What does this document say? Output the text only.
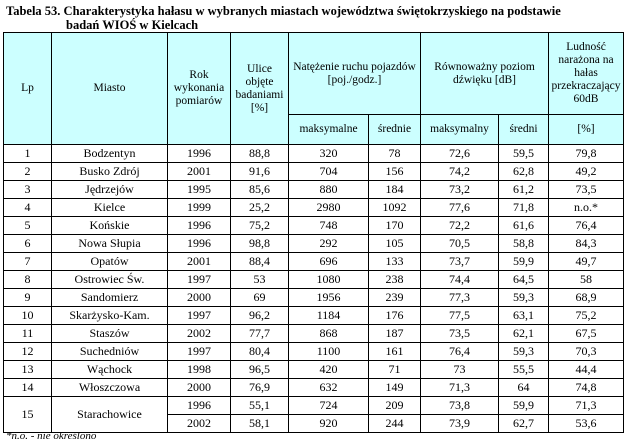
Tabela 53. Charakterystyka hałasu w wybranych miastach województwa świętokrzyskiego na podstawie
badań WIOŚ w Kielcach
Lp	Miasto	Rok wykonania pomiarów	Ulice objęte badaniami [%]	Natężenie ruchu pojazdów [poj./godz.]		Równoważny poziom dźwięku [dB]		Ludność narażona na hałas przekraczający 60dB
				maksymalne	średnie	maksymalny	średni	[%]
1	Bodzentyn	1996	88,8	320	78	72,6	59,5	79,8
2	Busko Zdrój	2001	91,6	704	156	74,2	62,8	49,2
3	Jędrzejów	1995	85,6	880	184	73,2	61,2	73,5
4	Kielce	1999	25,2	2980	1092	77,6	71,8	n.o.*
5	Końskie	1996	75,2	748	170	72,2	61,6	76,4
6	Nowa Słupia	1996	98,8	292	105	70,5	58,8	84,3
7	Opatów	2001	88,4	696	133	73,7	59,9	49,7
8	Ostrowiec Św.	1997	53	1080	238	74,4	64,5	58
9	Sandomierz	2000	69	1956	239	77,3	59,3	68,9
10	Skarżysko-Kam.	1997	96,2	1184	176	77,5	63,1	75,2
11	Staszów	2002	77,7	868	187	73,5	62,1	67,5
12	Suchedniów	1997	80,4	1100	161	76,4	59,3	70,3
13	Wąchock	1998	96,5	420	71	73	55,5	44,4
14	Włoszczowa	2000	76,9	632	149	71,3	64	74,8
15	Starachowice	1996	55,1	724	209	73,8	59,9	71,3
		2002	58,1	920	244	73,9	62,7	53,6
*n.o. - nie określono
